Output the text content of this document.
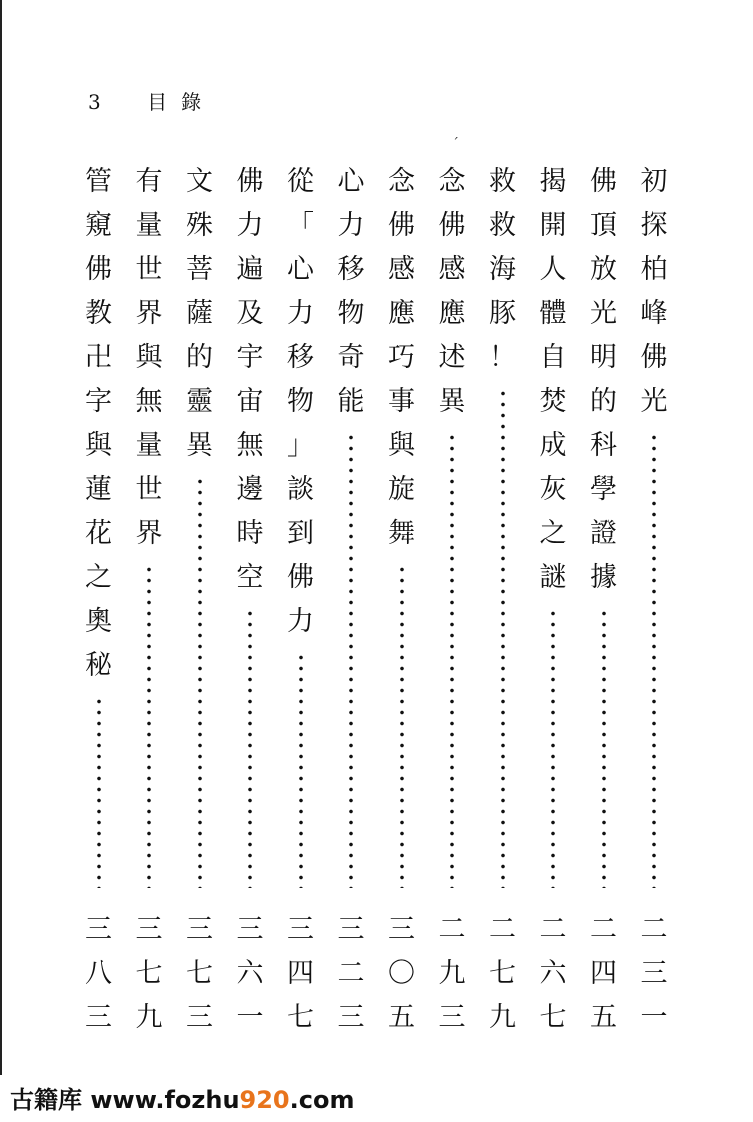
3 目錄
ˊ
初
探
柏
峰
佛
光
二
三
一
佛
頂
放
光
明
的
科
學
證
據
二
四
五
揭
開
人
體
自
焚
成
灰
之
謎
二
六
七
救
救
海
豚
！
二
七
九
念
佛
感
應
述
異
二
九
三
念
佛
感
應
巧
事
與
旋
舞
三
〇
五
心
力
移
物
奇
能
三
二
三
從
「
心
力
移
物
」
談
到
佛
力
三
四
七
佛
力
遍
及
宇
宙
無
邊
時
空
三
六
一
文
殊
菩
薩
的
靈
異
三
七
三
有
量
世
界
與
無
量
世
界
三
七
九
管
窺
佛
教
卍
字
與
蓮
花
之
奧
秘
三
八
三
古籍库 www.fozhu920.com
